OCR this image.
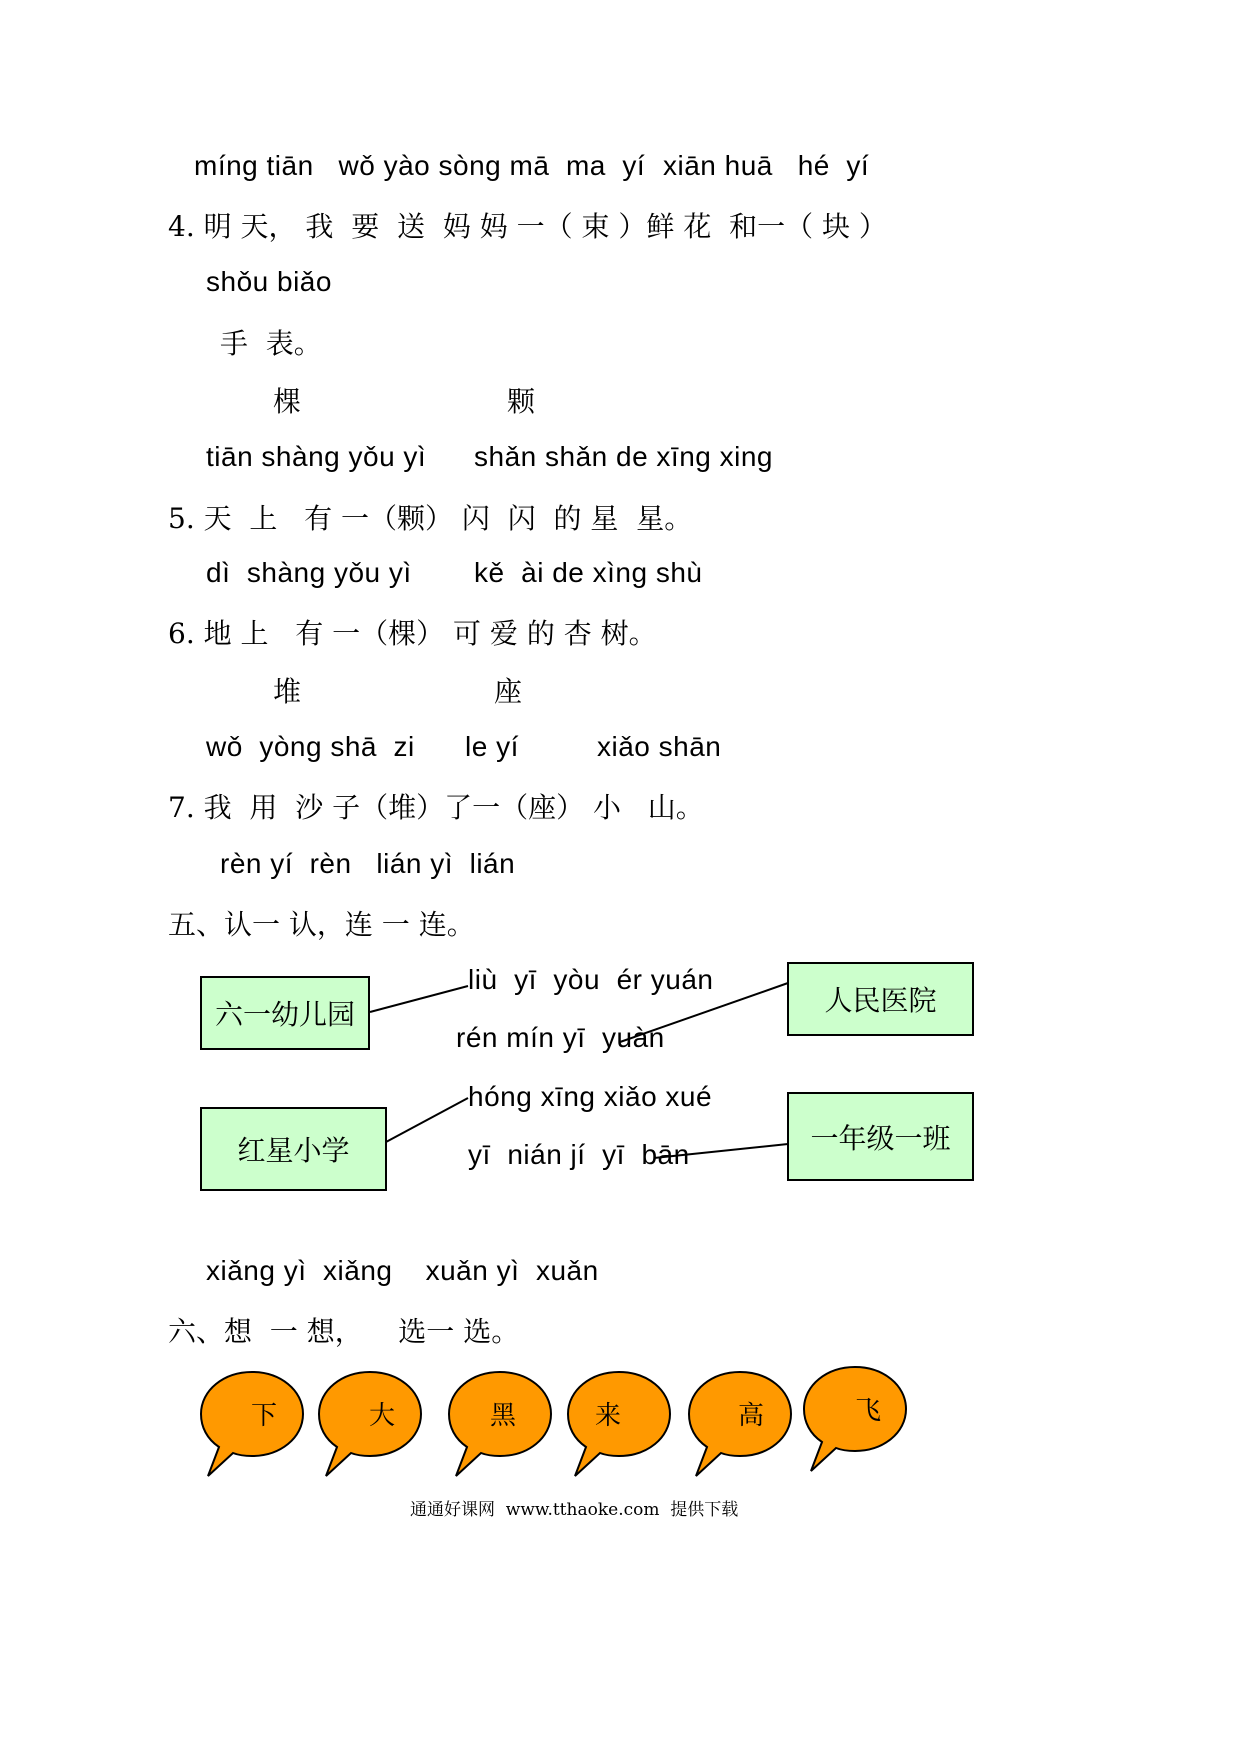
míng tiān   wǒ yào sòng mā  ma  yí xiān huā   hé  yí
4. 明 天， 我  要  送  妈 妈 一（ 束 ）鲜 花  和一（ 块 ）
shǒu biǎo
手  表。
棵	颗
tiān shàng yǒu yì shǎn shǎn de xīng xing
5. 天  上   有 一（颗） 闪  闪  的 星  星。
dì  shàng yǒu yì kě  ài de xìng shù
6. 地 上   有 一（棵） 可 爱 的 杏 树。
堆	座
wǒ  yòng shā  zi le yí	xiǎo shān
7. 我  用  沙 子（堆）了一（座） 小   山。
rèn yí  rèn   lián yì  lián
五、认一 认，连 一 连。
六一幼儿园
红星小学
人民医院
一年级一班
liù  yī  yòu  ér yuán
rén mín yī  yuàn
hóng xīng xiǎo xué
yī  nián jí  yī  bān
xiǎng yì  xiǎng    xuǎn yì  xuǎn
六、想  一 想，    选一 选。
下	大	黑	来	高	飞
通通好课网  www.tthaoke.com  提供下载
